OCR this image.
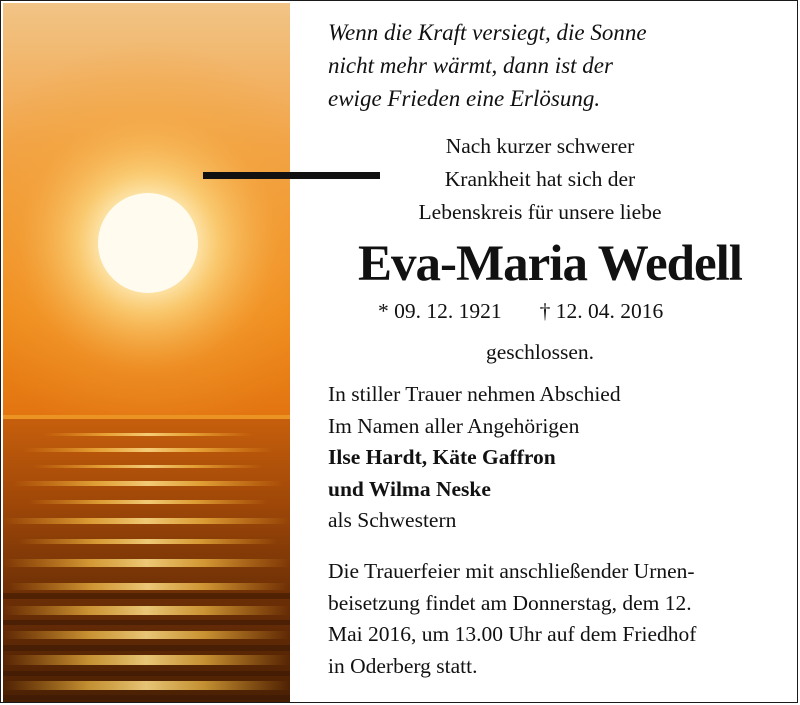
Wenn die Kraft versiegt, die Sonne
nicht mehr wärmt, dann ist der
ewige Frieden eine Erlösung.

Nach kurzer schwerer
Krankheit hat sich der
Lebenskreis für unsere liebe
Eva-Maria Wedell
* 09. 12. 1921 † 12. 04. 2016
geschlossen.
In stiller Trauer nehmen Abschied
Im Namen aller Angehörigen
Ilse Hardt, Käte Gaffron
und Wilma Neske
als Schwestern
Die Trauerfeier mit anschließender Urnen-
beisetzung findet am Donnerstag, dem 12.
Mai 2016, um 13.00 Uhr auf dem Friedhof
in Oderberg statt.
